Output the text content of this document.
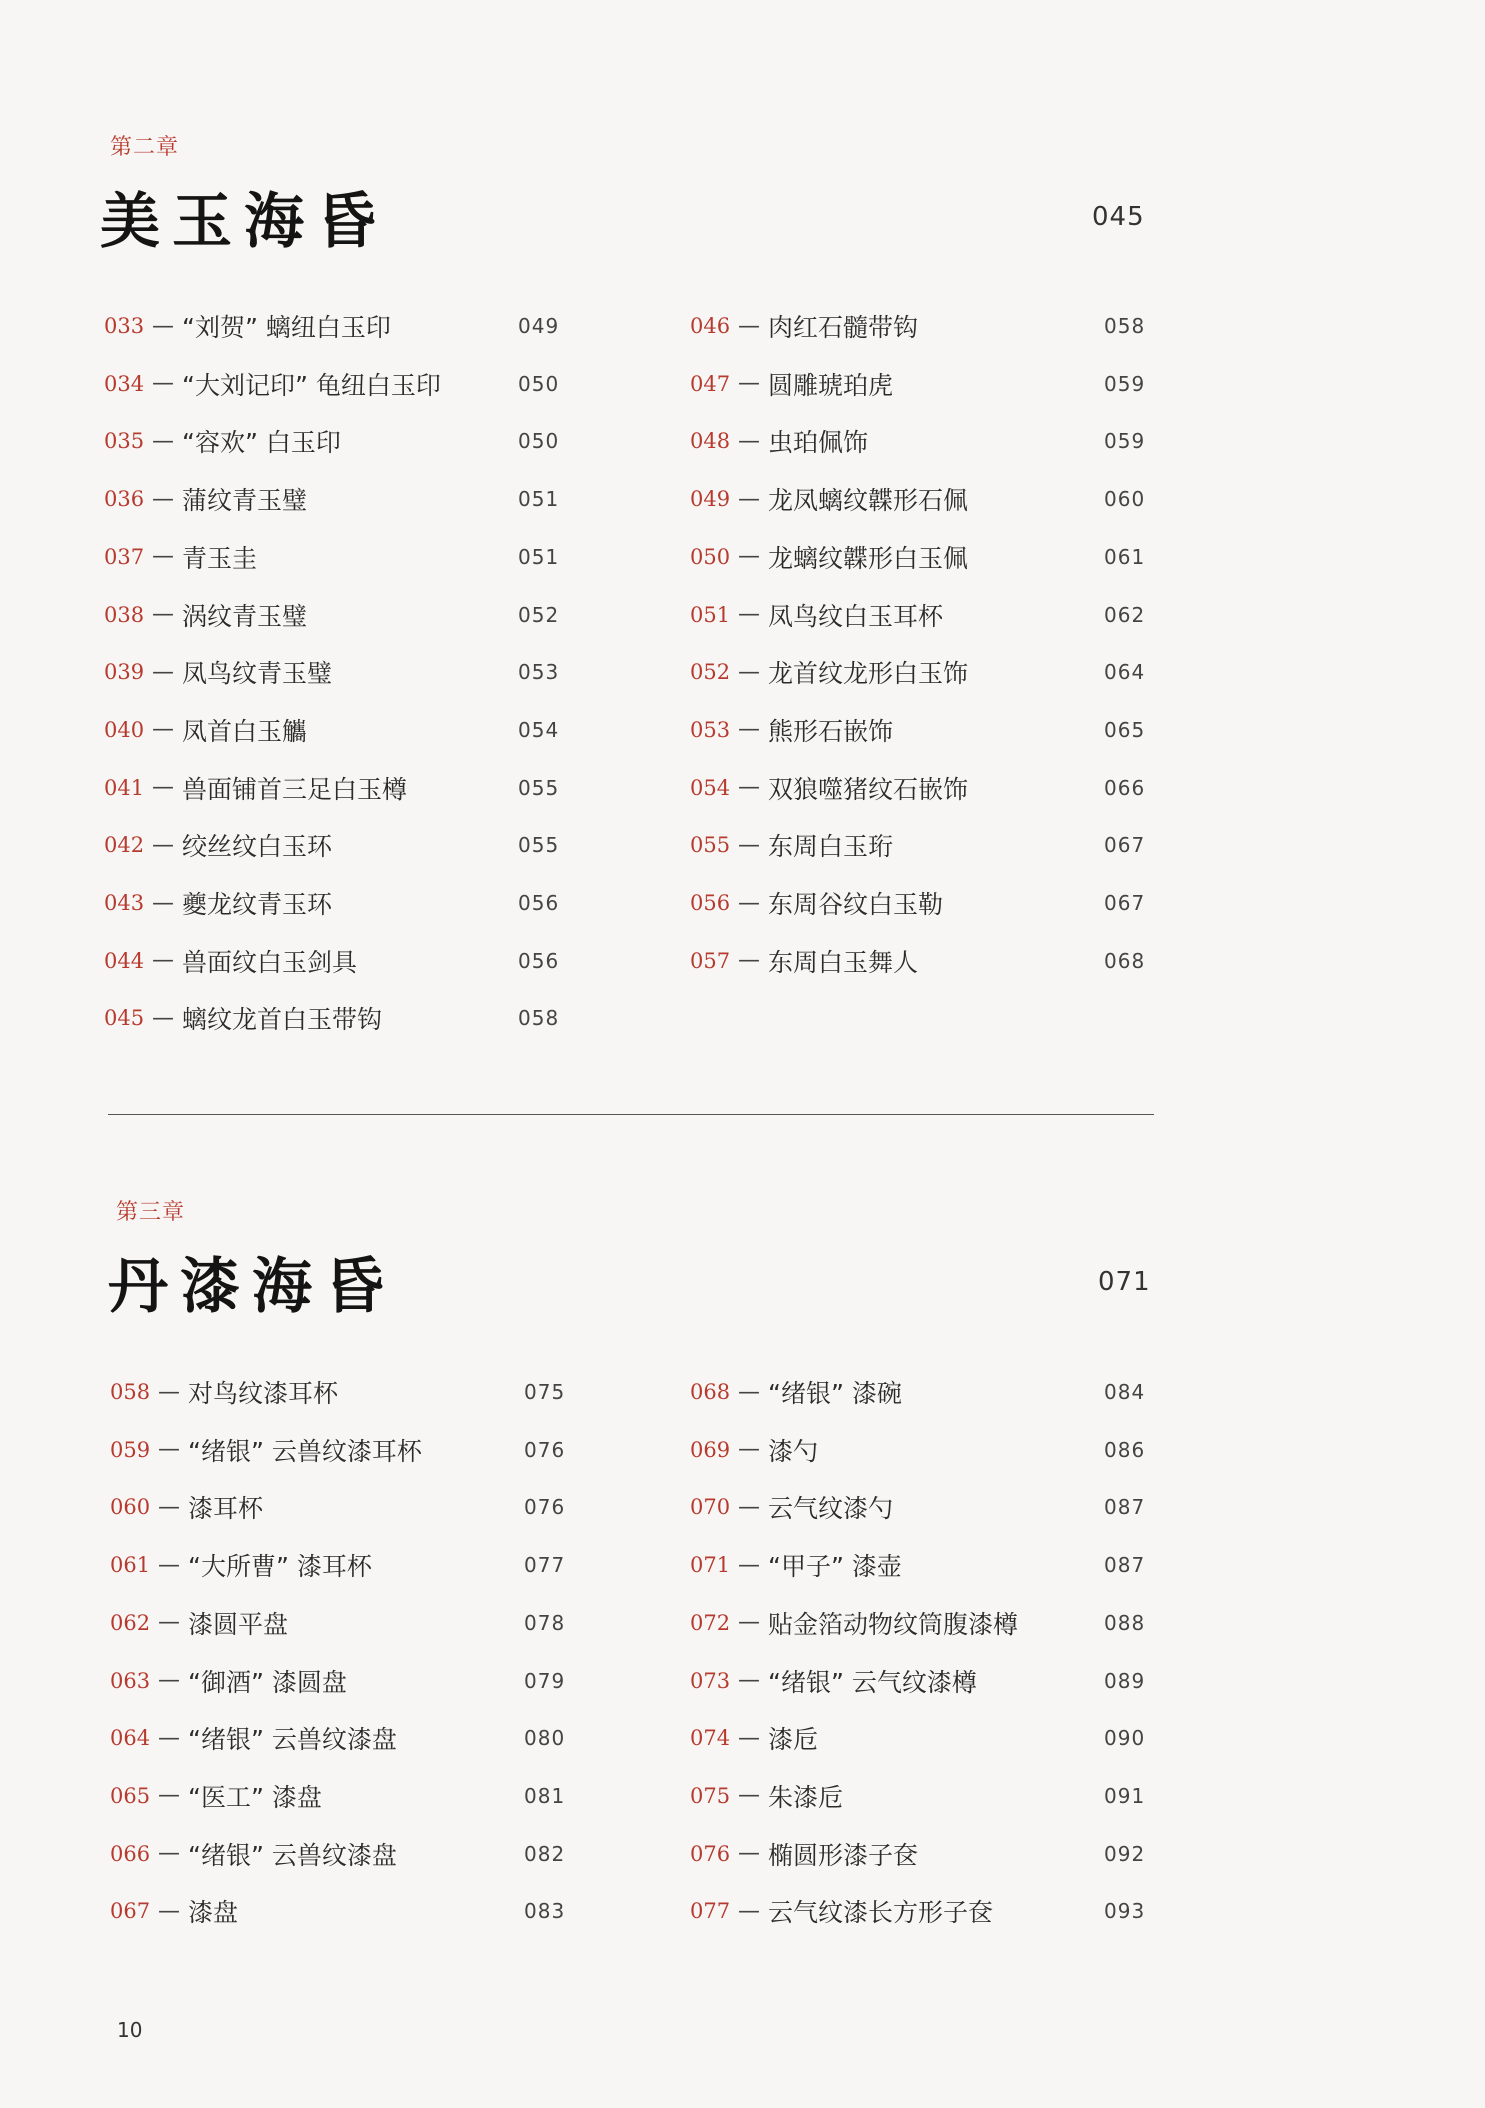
第二章
美玉海昏	045
033 — “刘贺” 螭纽白玉印	049
034 — “大刘记印” 龟纽白玉印	050
035 — “容欢” 白玉印	050
036 — 蒲纹青玉璧	051
037 — 青玉圭	051
038 — 涡纹青玉璧	052
039 — 凤鸟纹青玉璧	053
040 — 凤首白玉觿	054
041 — 兽面铺首三足白玉樽	055
042 — 绞丝纹白玉环	055
043 — 夔龙纹青玉环	056
044 — 兽面纹白玉剑具	056
045 — 螭纹龙首白玉带钩	058
046 — 肉红石髓带钩	058
047 — 圆雕琥珀虎	059
048 — 虫珀佩饰	059
049 — 龙凤螭纹韘形石佩	060
050 — 龙螭纹韘形白玉佩	061
051 — 凤鸟纹白玉耳杯	062
052 — 龙首纹龙形白玉饰	064
053 — 熊形石嵌饰	065
054 — 双狼噬猪纹石嵌饰	066
055 — 东周白玉珩	067
056 — 东周谷纹白玉勒	067
057 — 东周白玉舞人	068
第三章
丹漆海昏	071
058 — 对鸟纹漆耳杯	075
059 — “绪银” 云兽纹漆耳杯	076
060 — 漆耳杯	076
061 — “大所曹” 漆耳杯	077
062 — 漆圆平盘	078
063 — “御酒” 漆圆盘	079
064 — “绪银” 云兽纹漆盘	080
065 — “医工” 漆盘	081
066 — “绪银” 云兽纹漆盘	082
067 — 漆盘	083
068 — “绪银” 漆碗	084
069 — 漆勺	086
070 — 云气纹漆勺	087
071 — “甲子” 漆壶	087
072 — 贴金箔动物纹筒腹漆樽	088
073 — “绪银” 云气纹漆樽	089
074 — 漆卮	090
075 — 朱漆卮	091
076 — 椭圆形漆子奁	092
077 — 云气纹漆长方形子奁	093
10
